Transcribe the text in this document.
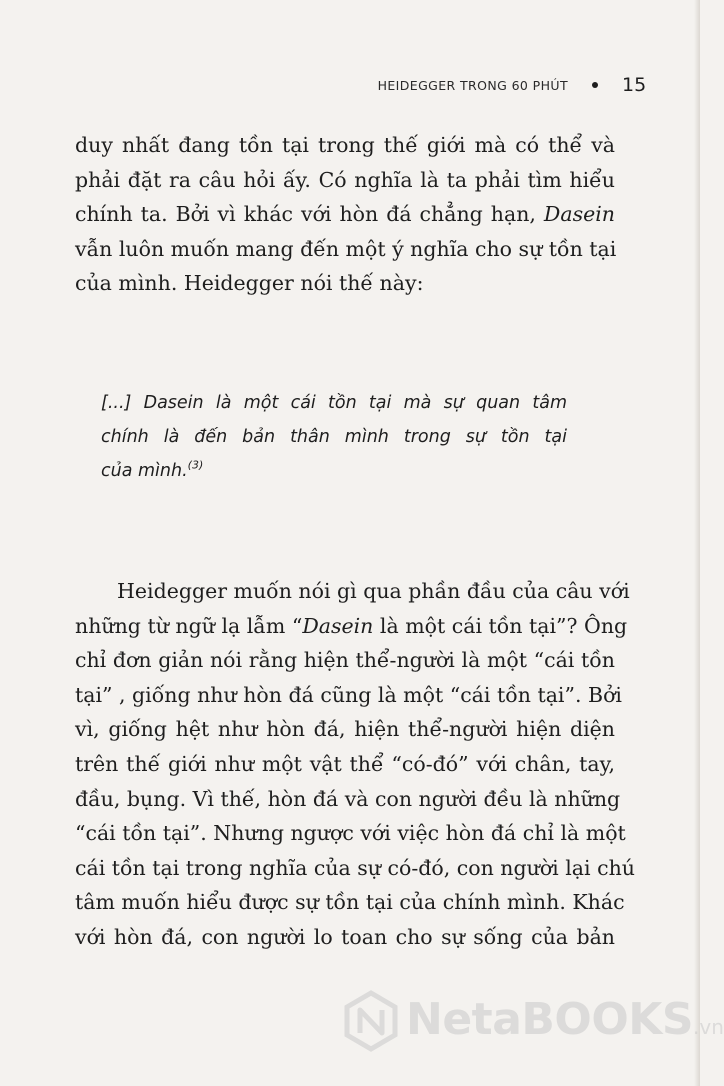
HEIDEGGER TRONG 60 PHÚT	15

duy nhất đang tồn tại trong thế giới mà có thể và
phải đặt ra câu hỏi ấy. Có nghĩa là ta phải tìm hiểu
chính ta. Bởi vì khác với hòn đá chẳng hạn, Dasein
vẫn luôn muốn mang đến một ý nghĩa cho sự tồn tại
của mình. Heidegger nói thế này:

[...] Dasein là một cái tồn tại mà sự quan tâm
chính là đến bản thân mình trong sự tồn tại
của mình.$^{(3)}$

Heidegger muốn nói gì qua phần đầu của câu với
những từ ngữ lạ lẫm “Dasein là một cái tồn tại”? Ông
chỉ đơn giản nói rằng hiện thể-người là một “cái tồn
tại” , giống như hòn đá cũng là một “cái tồn tại”. Bởi
vì, giống hệt như hòn đá, hiện thể-người hiện diện
trên thế giới như một vật thể “có-đó” với chân, tay,
đầu, bụng. Vì thế, hòn đá và con người đều là những
“cái tồn tại”. Nhưng ngược với việc hòn đá chỉ là một
cái tồn tại trong nghĩa của sự có-đó, con người lại chú
tâm muốn hiểu được sự tồn tại của chính mình. Khác
với hòn đá, con người lo toan cho sự sống của bản

NetaBOOKS.vn
